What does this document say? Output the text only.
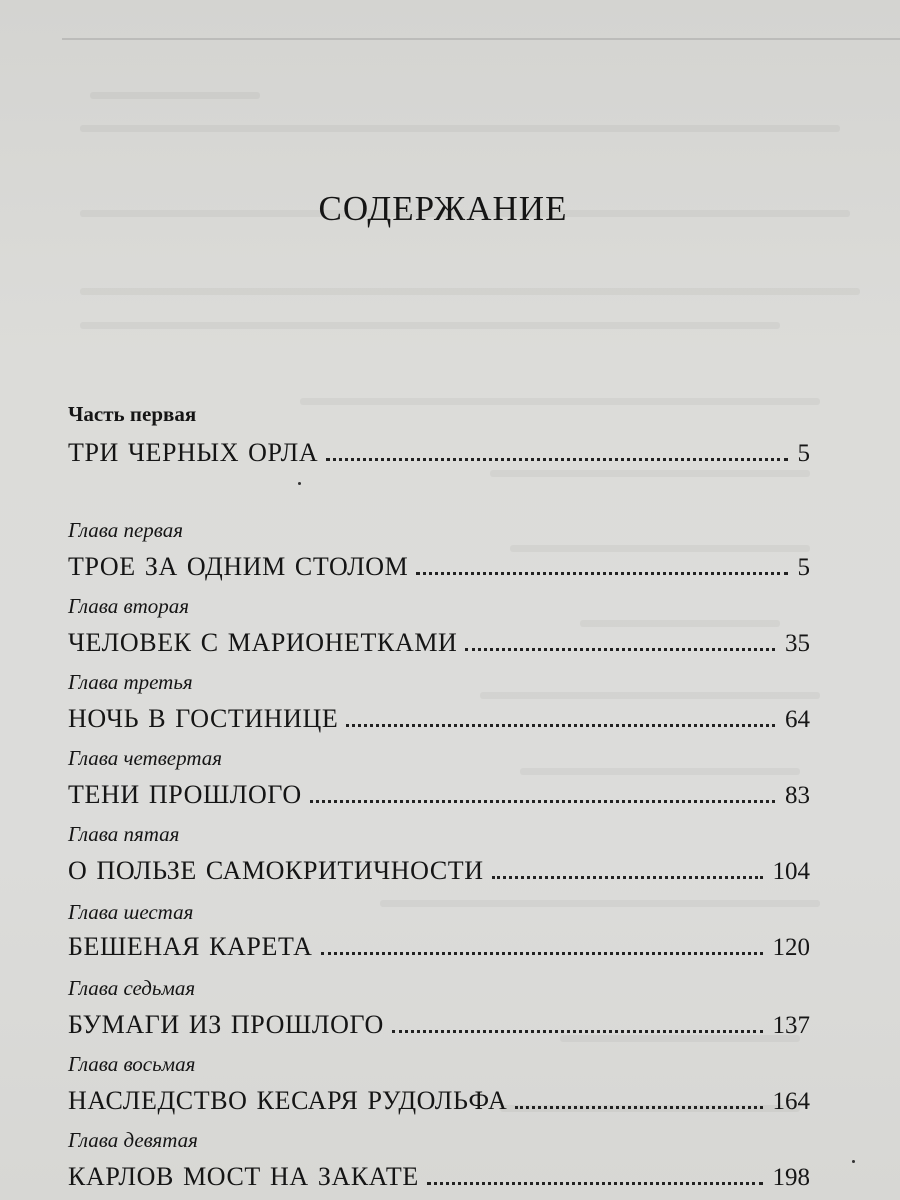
СОДЕРЖАНИЕ
Часть первая
ТРИ ЧЕРНЫХ ОРЛА	5
Глава первая
ТРОЕ ЗА ОДНИМ СТОЛОМ	5
Глава вторая
ЧЕЛОВЕК С МАРИОНЕТКАМИ	35
Глава третья
НОЧЬ В ГОСТИНИЦЕ	64
Глава четвертая
ТЕНИ ПРОШЛОГО	83
Глава пятая
О ПОЛЬЗЕ САМОКРИТИЧНОСТИ	104
Глава шестая
БЕШЕНАЯ КАРЕТА	120
Глава седьмая
БУМАГИ ИЗ ПРОШЛОГО	137
Глава восьмая
НАСЛЕДСТВО КЕСАРЯ РУДОЛЬФА	164
Глава девятая
КАРЛОВ МОСТ НА ЗАКАТЕ	198
